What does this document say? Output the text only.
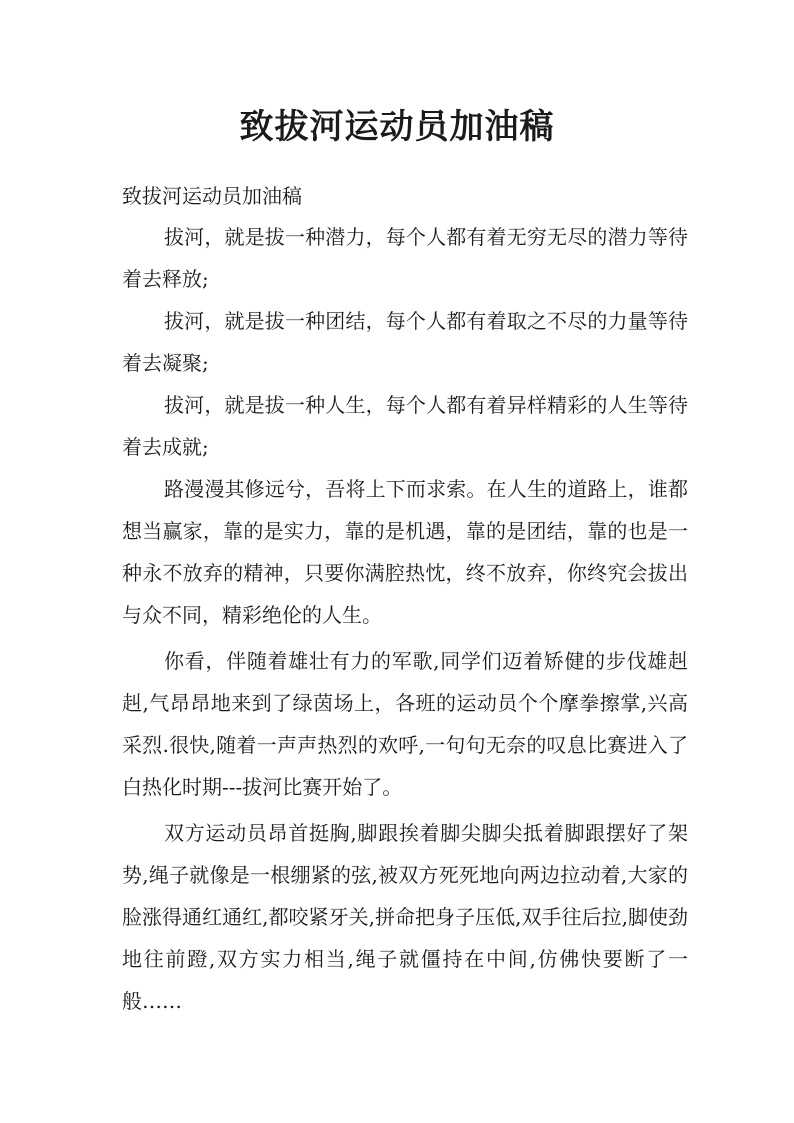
致拔河运动员加油稿

致拔河运动员加油稿

拔河，就是拔一种潜力，每个人都有着无穷无尽的潜力等待着去释放;

拔河，就是拔一种团结，每个人都有着取之不尽的力量等待着去凝聚;

拔河，就是拔一种人生，每个人都有着异样精彩的人生等待着去成就;

路漫漫其修远兮，吾将上下而求索。在人生的道路上，谁都想当赢家，靠的是实力，靠的是机遇，靠的是团结，靠的也是一种永不放弃的精神，只要你满腔热忱，终不放弃，你终究会拔出与众不同，精彩绝伦的人生。

你看，伴随着雄壮有力的军歌,同学们迈着矫健的步伐雄赳赳,气昂昂地来到了绿茵场上，各班的运动员个个摩拳擦掌,兴高采烈.很快,随着一声声热烈的欢呼,一句句无奈的叹息比赛进入了白热化时期---拔河比赛开始了。

双方运动员昂首挺胸,脚跟挨着脚尖脚尖抵着脚跟摆好了架势,绳子就像是一根绷紧的弦,被双方死死地向两边拉动着,大家的脸涨得通红通红,都咬紧牙关,拼命把身子压低,双手往后拉,脚使劲地往前蹬,双方实力相当,绳子就僵持在中间,仿佛快要断了一般……
